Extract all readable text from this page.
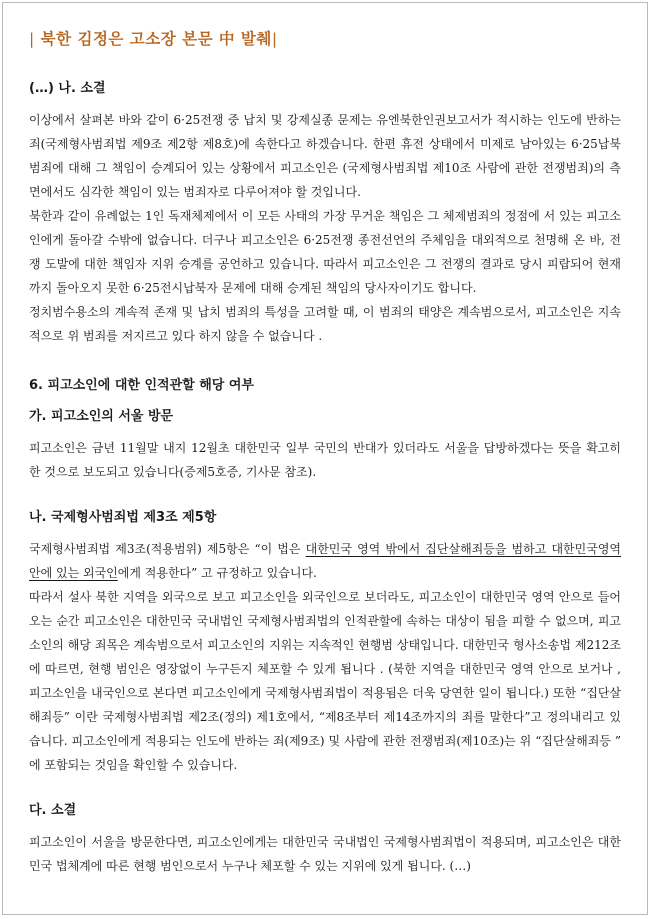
| 북한 김정은 고소장 본문 中 발췌|
(…) 나. 소결

이상에서 살펴본 바와 같이 6·25전쟁 중 납치 및 강제실종 문제는 유엔북한인권보고서가 적시하는 인도에 반하는 죄(국제형사범죄법 제9조 제2항 제8호)에 속한다고 하겠습니다. 한편 휴전 상태에서 미제로 남아있는 6·25납북 범죄에 대해 그 책임이 승계되어 있는 상황에서 피고소인은 (국제형사범죄법 제10조 사람에 관한 전쟁범죄)의 측면에서도 심각한 책임이 있는 범죄자로 다루어져야 할 것입니다.

북한과 같이 유례없는 1인 독재체제에서 이 모든 사태의 가장 무거운 책임은 그 체제범죄의 정점에 서 있는 피고소인에게 돌아갈 수밖에 없습니다. 더구나 피고소인은 6·25전쟁 종전선언의 주체임을 대외적으로 천명해 온 바, 전쟁 도발에 대한 책임자 지위 승계를 공언하고 있습니다. 따라서 피고소인은 그 전쟁의 결과로 당시 피랍되어 현재까지 돌아오지 못한 6·25전시납북자 문제에 대해 승계된 책임의 당사자이기도 합니다.

정치범수용소의 계속적 존재 및 납치 범죄의 특성을 고려할 때, 이 범죄의 태양은 계속범으로서, 피고소인은 지속적으로 위 범죄를 저지르고 있다 하지 않을 수 없습니다 .

6. 피고소인에 대한 인적관할 해당 여부
가. 피고소인의 서울 방문

피고소인은 금년 11월말 내지 12월초 대한민국 일부 국민의 반대가 있더라도 서울을 답방하겠다는 뜻을 확고히 한 것으로 보도되고 있습니다(증제5호증, 기사문 참조).

나. 국제형사범죄법 제3조 제5항

국제형사범죄법 제3조(적용범위) 제5항은 “이 법은 대한민국 영역 밖에서 집단살해죄등을 범하고 대한민국영역 안에 있는 외국인에게 적용한다” 고 규정하고 있습니다.

따라서 설사 북한 지역을 외국으로 보고 피고소인을 외국인으로 보더라도, 피고소인이 대한민국 영역 안으로 들어오는 순간 피고소인은 대한민국 국내법인 국제형사범죄법의 인적관할에 속하는 대상이 됨을 피할 수 없으며, 피고소인의 해당 죄목은 계속범으로서 피고소인의 지위는 지속적인 현행범 상태입니다. 대한민국 형사소송법 제212조에 따르면, 현행 범인은 영장없이 누구든지 체포할 수 있게 됩니다 . (북한 지역을 대한민국 영역 안으로 보거나 , 피고소인을 내국인으로 본다면 피고소인에게 국제형사범죄법이 적용됨은 더욱 당연한 일이 됩니다.) 또한 “집단살해죄등” 이란 국제형사범죄법 제2조(정의) 제1호에서, “제8조부터 제14조까지의 죄를 말한다”고 정의내리고 있습니다. 피고소인에게 적용되는 인도에 반하는 죄(제9조) 및 사람에 관한 전쟁범죄(제10조)는 위 “집단살해죄등 ” 에 포함되는 것임을 확인할 수 있습니다.

다. 소결

피고소인이 서울을 방문한다면, 피고소인에게는 대한민국 국내법인 국제형사범죄법이 적용되며, 피고소인은 대한민국 법체계에 따른 현행 범인으로서 누구나 체포할 수 있는 지위에 있게 됩니다. (…)
